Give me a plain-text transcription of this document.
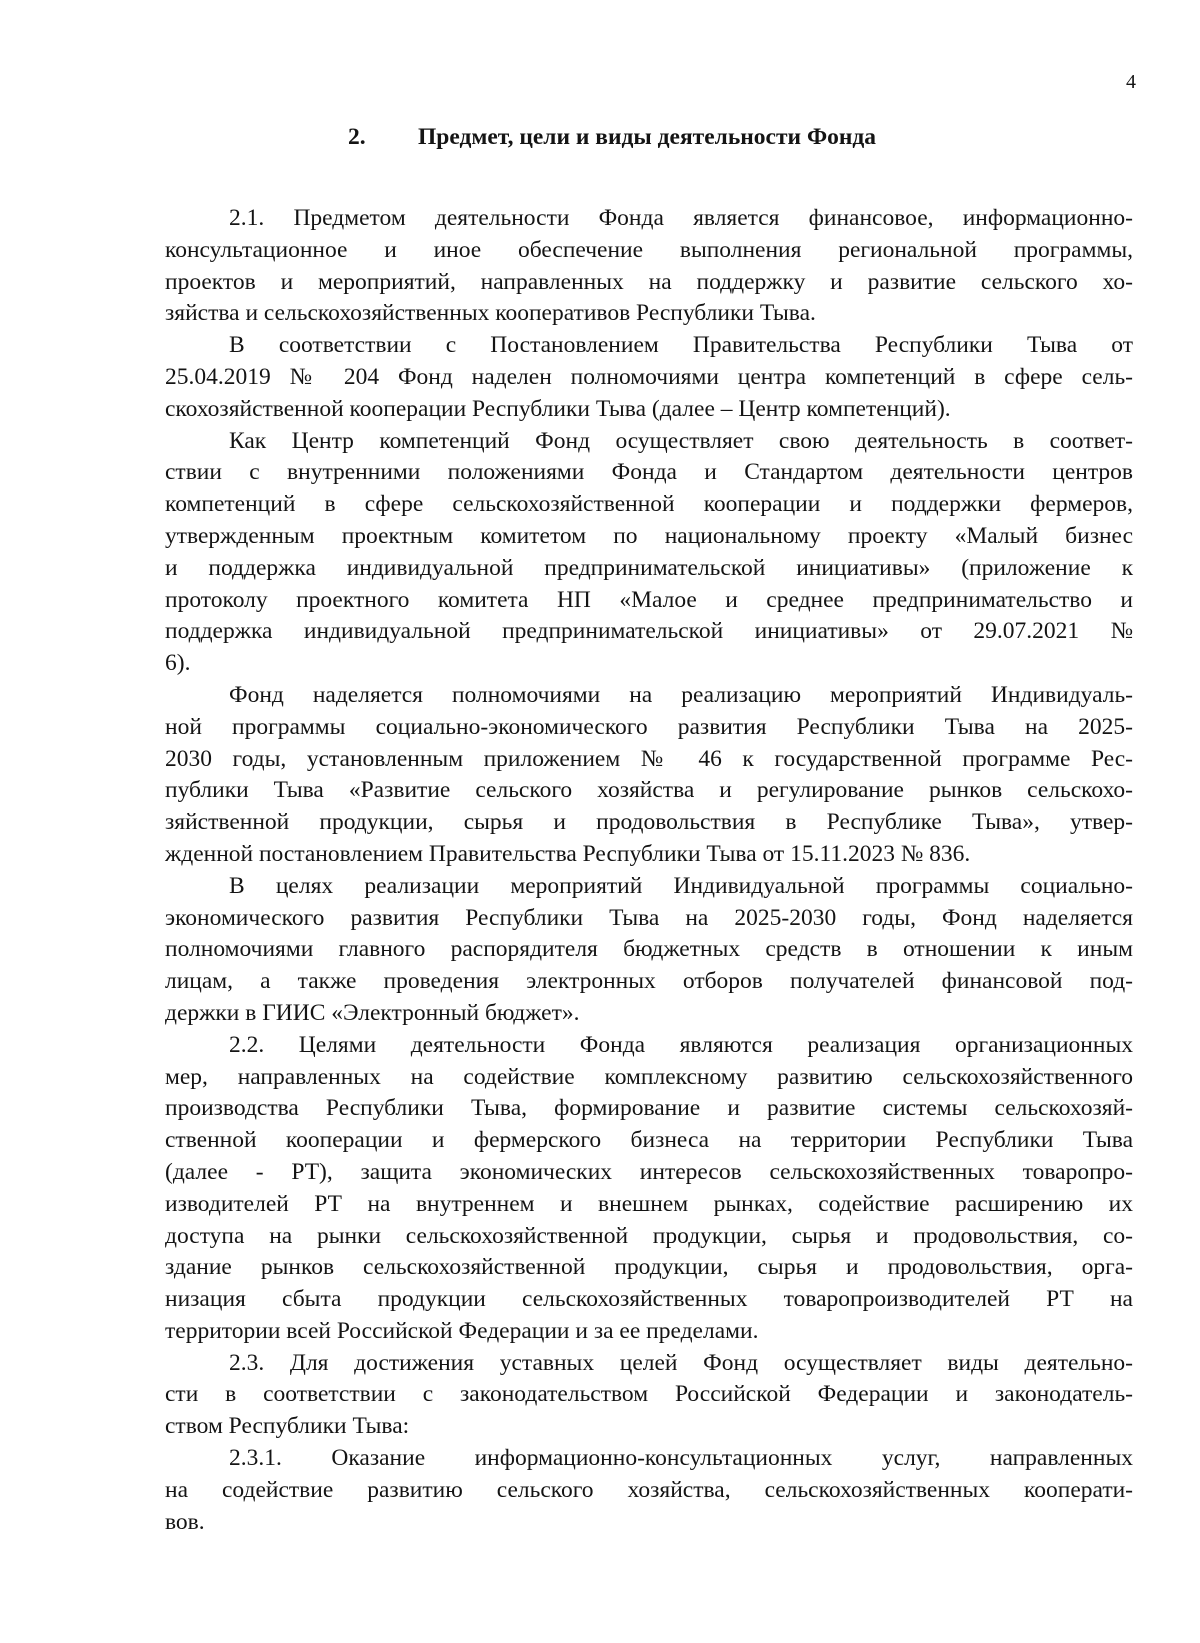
4
2. Предмет, цели и виды деятельности Фонда
2.1. Предметом деятельности Фонда является финансовое, информационно-
консультационное и иное обеспечение выполнения региональной программы,
проектов и мероприятий, направленных на поддержку и развитие сельского хо-
зяйства и сельскохозяйственных кооперативов Республики Тыва.
В соответствии с Постановлением Правительства Республики Тыва от
25.04.2019 № 204 Фонд наделен полномочиями центра компетенций в сфере сель-
скохозяйственной кооперации Республики Тыва (далее – Центр компетенций).
Как Центр компетенций Фонд осуществляет свою деятельность в соответ-
ствии с внутренними положениями Фонда и Стандартом деятельности центров
компетенций в сфере сельскохозяйственной кооперации и поддержки фермеров,
утвержденным проектным комитетом по национальному проекту «Малый бизнес
и поддержка индивидуальной предпринимательской инициативы» (приложение к
протоколу проектного комитета НП «Малое и среднее предпринимательство и
поддержка индивидуальной предпринимательской инициативы» от 29.07.2021 №
6).
Фонд наделяется полномочиями на реализацию мероприятий Индивидуаль-
ной программы социально-экономического развития Республики Тыва на 2025-
2030 годы, установленным приложением № 46 к государственной программе Рес-
публики Тыва «Развитие сельского хозяйства и регулирование рынков сельскохо-
зяйственной продукции, сырья и продовольствия в Республике Тыва», утвер-
жденной постановлением Правительства Республики Тыва от 15.11.2023 № 836.
В целях реализации мероприятий Индивидуальной программы социально-
экономического развития Республики Тыва на 2025-2030 годы, Фонд наделяется
полномочиями главного распорядителя бюджетных средств в отношении к иным
лицам, а также проведения электронных отборов получателей финансовой под-
держки в ГИИС «Электронный бюджет».
2.2. Целями деятельности Фонда являются реализация организационных
мер, направленных на содействие комплексному развитию сельскохозяйственного
производства Республики Тыва, формирование и развитие системы сельскохозяй-
ственной кооперации и фермерского бизнеса на территории Республики Тыва
(далее - РТ), защита экономических интересов сельскохозяйственных товаропро-
изводителей РТ на внутреннем и внешнем рынках, содействие расширению их
доступа на рынки сельскохозяйственной продукции, сырья и продовольствия, со-
здание рынков сельскохозяйственной продукции, сырья и продовольствия, орга-
низация сбыта продукции сельскохозяйственных товаропроизводителей РТ на
территории всей Российской Федерации и за ее пределами.
2.3. Для достижения уставных целей Фонд осуществляет виды деятельно-
сти в соответствии с законодательством Российской Федерации и законодатель-
ством Республики Тыва:
2.3.1. Оказание информационно-консультационных услуг, направленных
на содействие развитию сельского хозяйства, сельскохозяйственных кооперати-
вов.
